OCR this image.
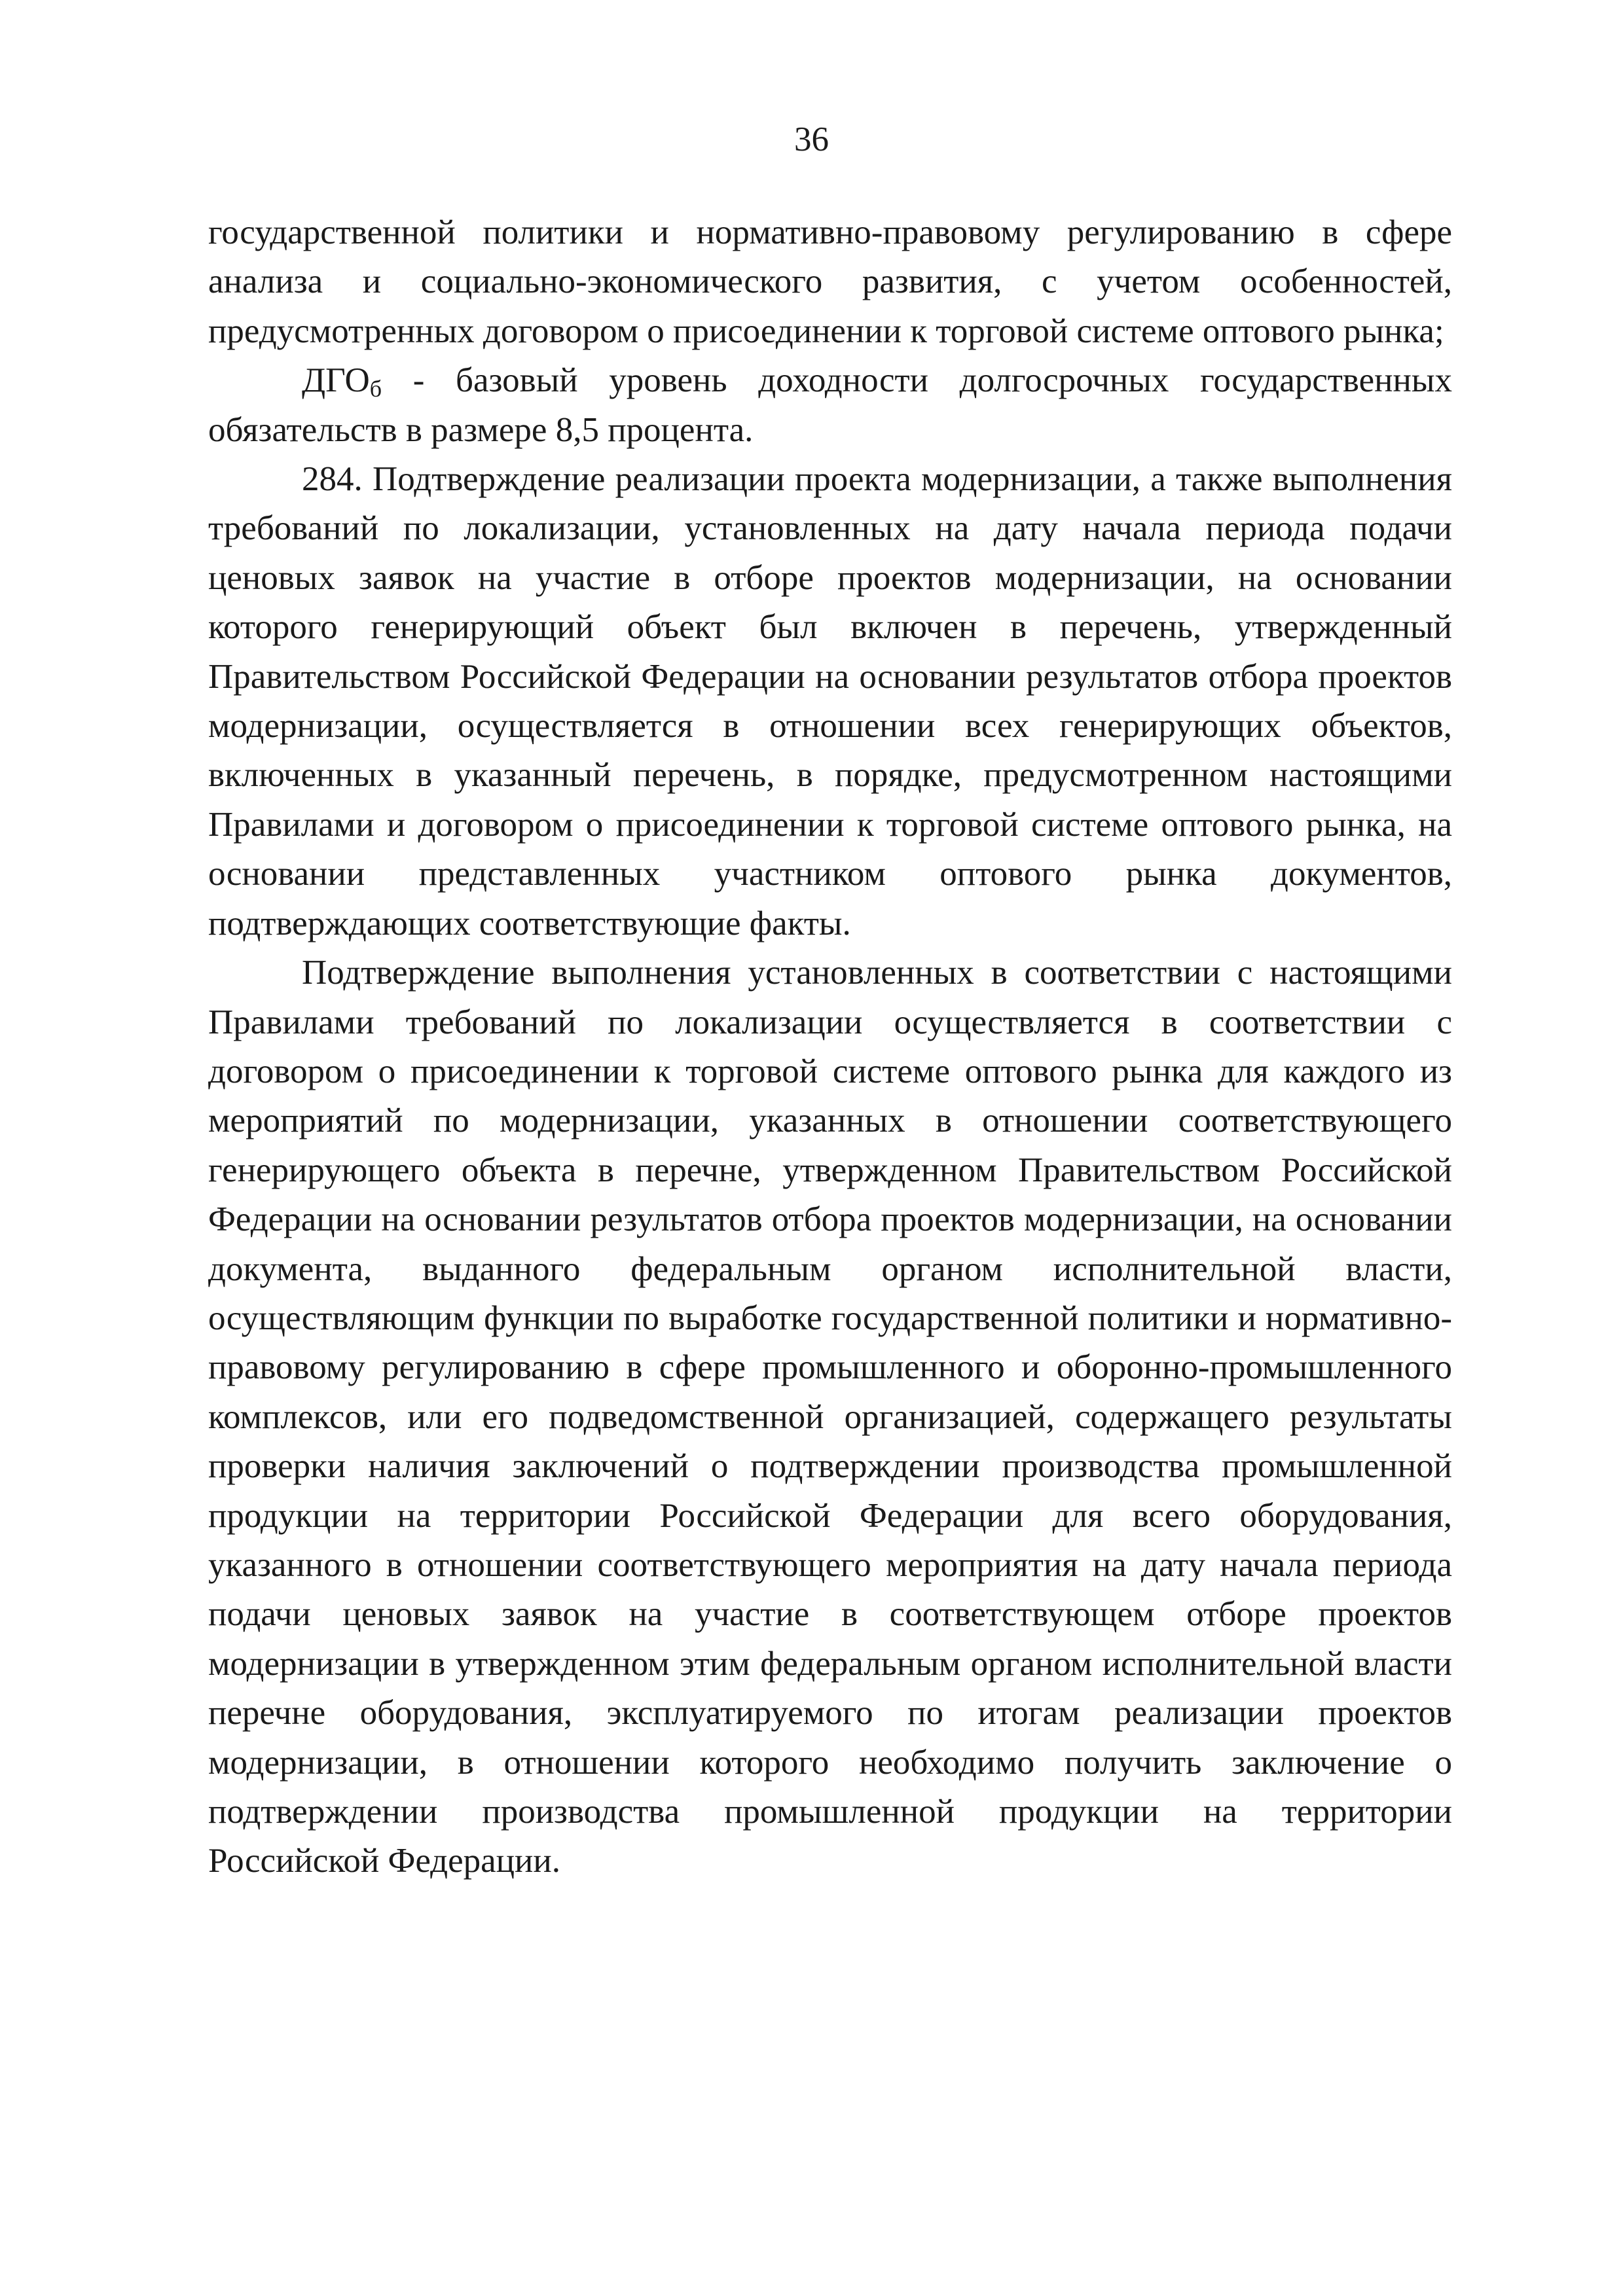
36

государственной политики и нормативно-правовому регулированию в сфере анализа и социально-экономического развития, с учетом особенностей, предусмотренных договором о присоединении к торговой системе оптового рынка;

$ДГО_б$ - базовый уровень доходности долгосрочных государственных обязательств в размере 8,5 процента.

284. Подтверждение реализации проекта модернизации, а также выполнения требований по локализации, установленных на дату начала периода подачи ценовых заявок на участие в отборе проектов модернизации, на основании которого генерирующий объект был включен в перечень, утвержденный Правительством Российской Федерации на основании результатов отбора проектов модернизации, осуществляется в отношении всех генерирующих объектов, включенных в указанный перечень, в порядке, предусмотренном настоящими Правилами и договором о присоединении к торговой системе оптового рынка, на основании представленных участником оптового рынка документов, подтверждающих соответствующие факты.

Подтверждение выполнения установленных в соответствии с настоящими Правилами требований по локализации осуществляется в соответствии с договором о присоединении к торговой системе оптового рынка для каждого из мероприятий по модернизации, указанных в отношении соответствующего генерирующего объекта в перечне, утвержденном Правительством Российской Федерации на основании результатов отбора проектов модернизации, на основании документа, выданного федеральным органом исполнительной власти, осуществляющим функции по выработке государственной политики и нормативно-правовому регулированию в сфере промышленного и оборонно-промышленного комплексов, или его подведомственной организацией, содержащего результаты проверки наличия заключений о подтверждении производства промышленной продукции на территории Российской Федерации для всего оборудования, указанного в отношении соответствующего мероприятия на дату начала периода подачи ценовых заявок на участие в соответствующем отборе проектов модернизации в утвержденном этим федеральным органом исполнительной власти перечне оборудования, эксплуатируемого по итогам реализации проектов модернизации, в отношении которого необходимо получить заключение о подтверждении производства промышленной продукции на территории Российской Федерации.
